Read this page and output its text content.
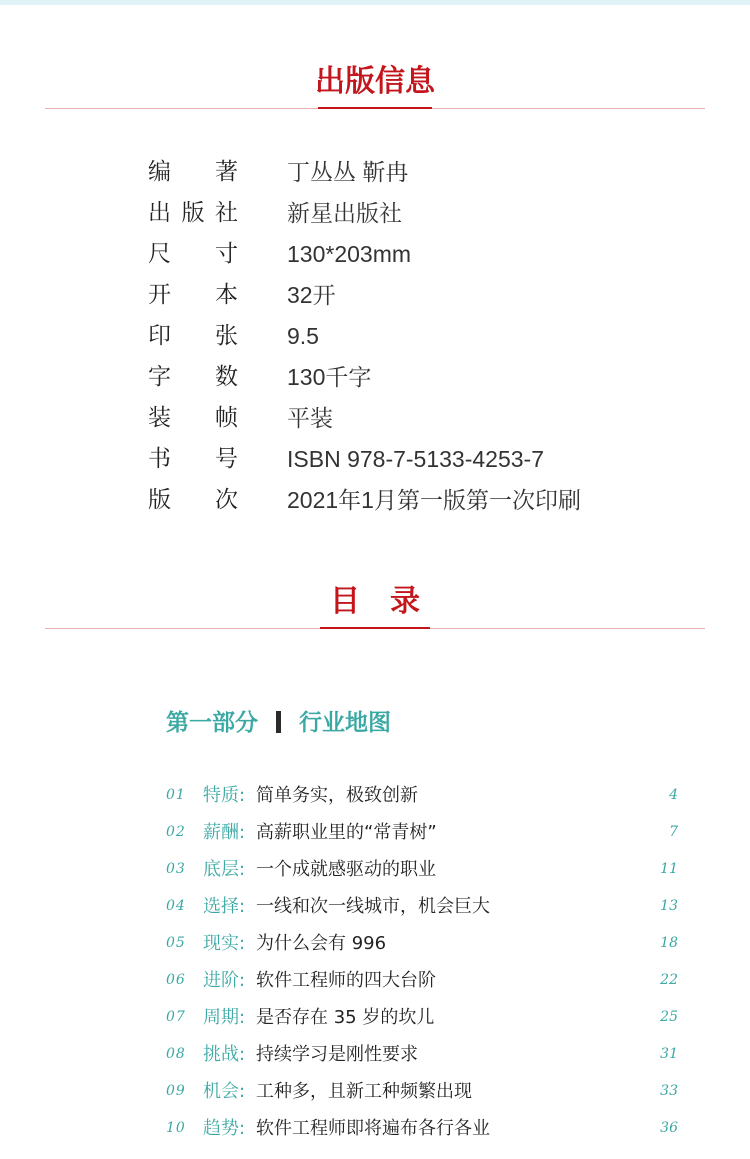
出版信息
编 著 丁丛丛 靳冉
出 版 社 新星出版社
尺 寸 130*203mm
开 本 32开
印 张 9.5
字 数 130千字
装 帧 平装
书 号 ISBN 978-7-5133-4253-7
版 次 2021年1月第一版第一次印刷
目　录
第一部分 行业地图
01 特质: 简单务实，极致创新	4
02 薪酬: 高薪职业里的“常青树”	7
03 底层: 一个成就感驱动的职业	11
04 选择: 一线和次一线城市，机会巨大	13
05 现实: 为什么会有 996	18
06 进阶: 软件工程师的四大台阶	22
07 周期: 是否存在 35 岁的坎儿	25
08 挑战: 持续学习是刚性要求	31
09 机会: 工种多，且新工种频繁出现	33
10 趋势: 软件工程师即将遍布各行各业	36
